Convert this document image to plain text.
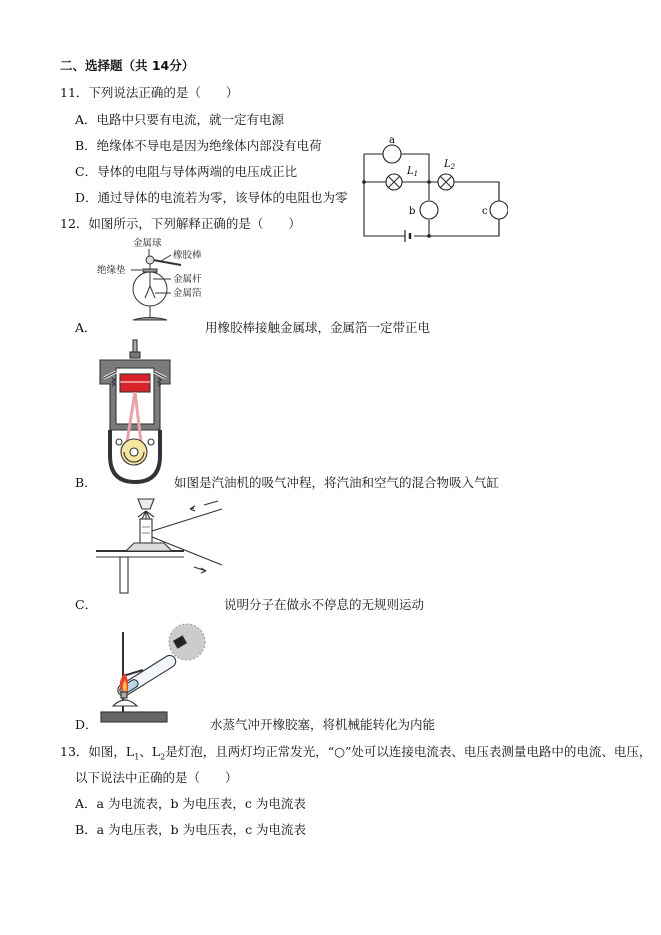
二、选择题（共 14分）
11．下列说法正确的是（　　）
A．电路中只要有电流，就一定有电源
B．绝缘体不导电是因为绝缘体内部没有电荷
C．导体的电阻与导体两端的电压成正比
D．通过导体的电流若为零，该导体的电阻也为零
a
$L_1$
$L_2$
b	c
12．如图所示，下列解释正确的是（　　）
金属球
橡胶棒
绝缘垫
金属杆
金属箔
A．	用橡胶棒接触金属球，金属箔一定带正电
B．	如图是汽油机的吸气冲程，将汽油和空气的混合物吸入气缸
C．	说明分子在做永不停息的无规则运动
D．	水蒸气冲开橡胶塞，将机械能转化为内能
13．如图，$L_1$、$L_2$是灯泡，且两灯均正常发光，“○”处可以连接电流表、电压表测量电路中的电流、电压，
以下说法中正确的是（　　）
A．a 为电流表，b 为电压表，c 为电流表
B．a 为电压表，b 为电压表，c 为电流表
